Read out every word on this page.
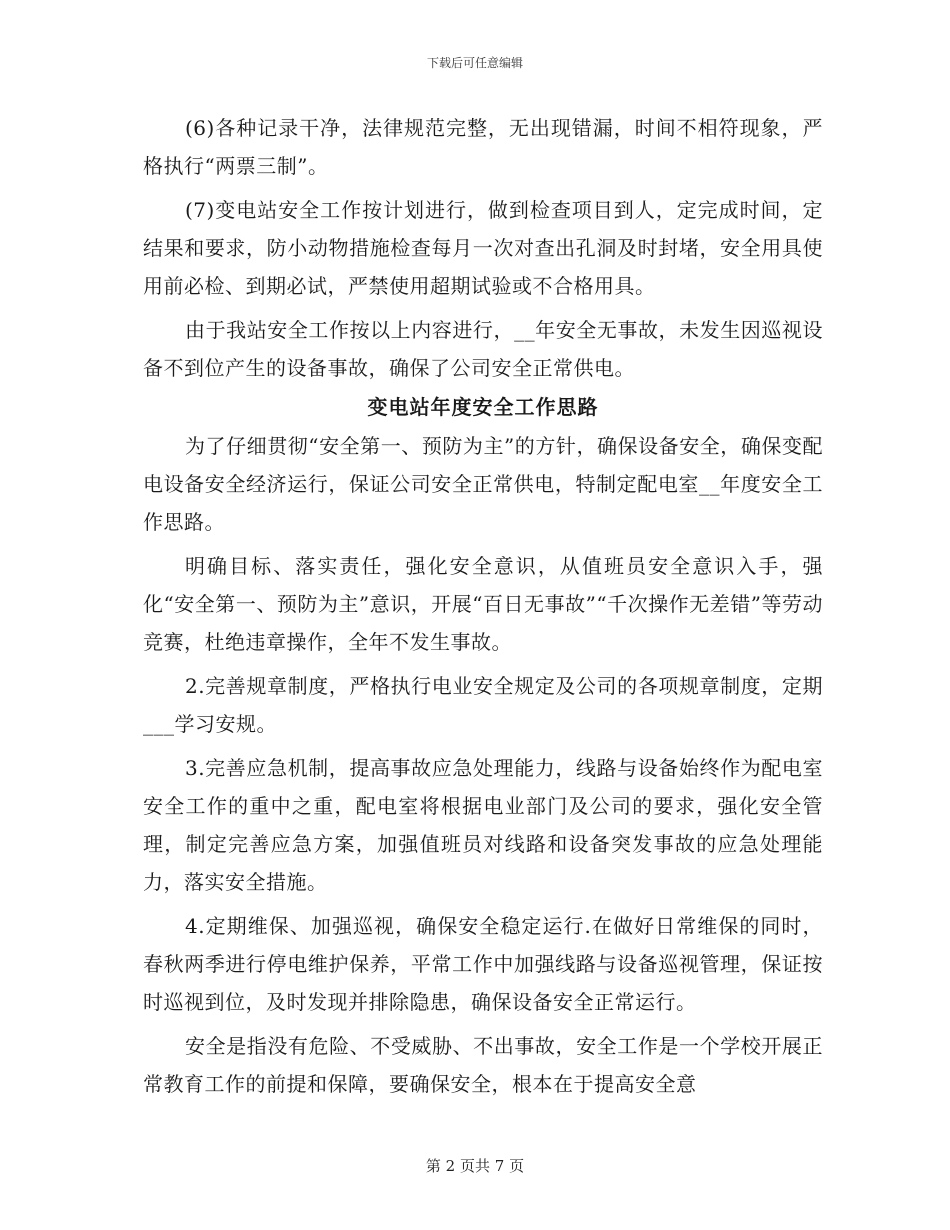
下载后可任意编辑

(6)各种记录干净，法律规范完整，无出现错漏，时间不相符现象，严格执行“两票三制”。

(7)变电站安全工作按计划进行，做到检查项目到人，定完成时间，定结果和要求，防小动物措施检查每月一次对查出孔洞及时封堵，安全用具使用前必检、到期必试，严禁使用超期试验或不合格用具。

由于我站安全工作按以上内容进行，__年安全无事故，未发生因巡视设备不到位产生的设备事故，确保了公司安全正常供电。

变电站年度安全工作思路

为了仔细贯彻“安全第一、预防为主”的方针，确保设备安全，确保变配电设备安全经济运行，保证公司安全正常供电，特制定配电室__年度安全工作思路。

明确目标、落实责任，强化安全意识，从值班员安全意识入手，强化“安全第一、预防为主”意识，开展“百日无事故”“千次操作无差错”等劳动竞赛，杜绝违章操作，全年不发生事故。

2.完善规章制度，严格执行电业安全规定及公司的各项规章制度，定期___学习安规。

3.完善应急机制，提高事故应急处理能力，线路与设备始终作为配电室安全工作的重中之重，配电室将根据电业部门及公司的要求，强化安全管理，制定完善应急方案，加强值班员对线路和设备突发事故的应急处理能力，落实安全措施。

4.定期维保、加强巡视，确保安全稳定运行.在做好日常维保的同时，春秋两季进行停电维护保养，平常工作中加强线路与设备巡视管理，保证按时巡视到位，及时发现并排除隐患，确保设备安全正常运行。

安全是指没有危险、不受威胁、不出事故，安全工作是一个学校开展正常教育工作的前提和保障，要确保安全，根本在于提高安全意

第 2 页共 7 页
